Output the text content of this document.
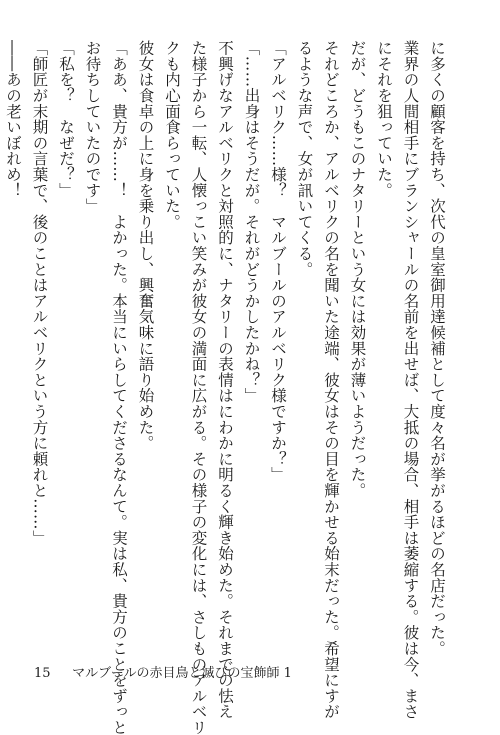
に多くの顧客を持ち、次代の皇室御用達候補として度々名が挙がるほどの名店だった。
業界の人間相手にブランシャールの名前を出せば、大抵の場合、相手は萎縮する。彼は今、まさ
にそれを狙っていた。
だが、どうもこのナタリーという女には効果が薄いようだった。
それどころか、アルベリクの名を聞いた途端、彼女はその目を輝かせる始末だった。希望にすが
るような声で、女が訊いてくる。
「アルベリク……様？　マルブールのアルベリク様ですか？」
「……出身はそうだが。それがどうかしたかね？」
不興げなアルベリクと対照的に、ナタリーの表情はにわかに明るく輝き始めた。それまでの怯え
た様子から一転、人懐っこい笑みが彼女の満面に広がる。その様子の変化には、さしものアルベリ
クも内心面食らっていた。
彼女は食卓の上に身を乗り出し、興奮気味に語り始めた。
「ああ、貴方が……！　よかった。本当にいらしてくださるなんて。実は私、貴方のことをずっと
お待ちしていたのです」
「私を？　なぜだ？」
「師匠が末期の言葉で、後のことはアルベリクという方に頼れと……」
――あの老いぼれめ！
15 マルブールの赤目鳥と滅びの宝飾師 1
